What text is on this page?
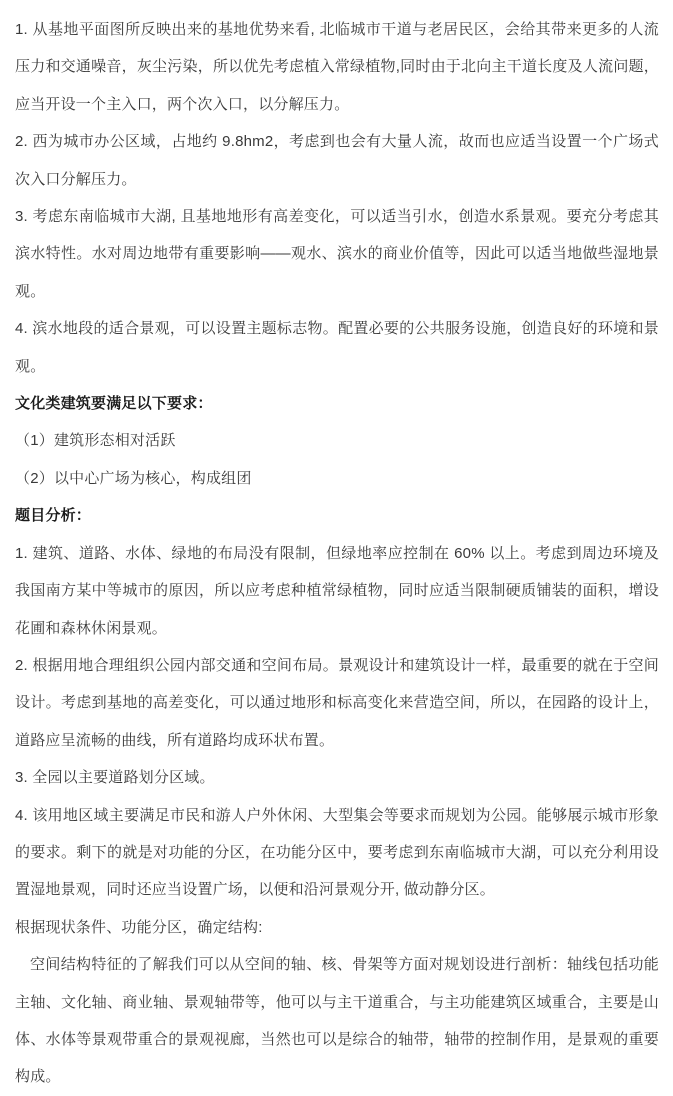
1. 从基地平面图所反映出来的基地优势来看, 北临城市干道与老居民区，会给其带来更多的人流压力和交通噪音，灰尘污染，所以优先考虑植入常绿植物,同时由于北向主干道长度及人流问题，应当开设一个主入口，两个次入口，以分解压力。

2. 西为城市办公区域，占地约 9.8hm2，考虑到也会有大量人流，故而也应适当设置一个广场式次入口分解压力。

3. 考虑东南临城市大湖, 且基地地形有高差变化，可以适当引水，创造水系景观。要充分考虑其滨水特性。水对周边地带有重要影响——观水、滨水的商业价值等，因此可以适当地做些湿地景观。

4. 滨水地段的适合景观，可以设置主题标志物。配置必要的公共服务设施，创造良好的环境和景观。

文化类建筑要满足以下要求：

（1）建筑形态相对活跃

（2）以中心广场为核心，构成组团

题目分析：

1. 建筑、道路、水体、绿地的布局没有限制，但绿地率应控制在 60% 以上。考虑到周边环境及我国南方某中等城市的原因，所以应考虑种植常绿植物，同时应适当限制硬质铺装的面积，增设花圃和森林休闲景观。

2. 根据用地合理组织公园内部交通和空间布局。景观设计和建筑设计一样，最重要的就在于空间设计。考虑到基地的高差变化，可以通过地形和标高变化来营造空间，所以，在园路的设计上，道路应呈流畅的曲线，所有道路均成环状布置。

3. 全园以主要道路划分区域。

4. 该用地区域主要满足市民和游人户外休闲、大型集会等要求而规划为公园。能够展示城市形象的要求。剩下的就是对功能的分区，在功能分区中，要考虑到东南临城市大湖，可以充分利用设置湿地景观，同时还应当设置广场，以便和沿河景观分开, 做动静分区。

根据现状条件、功能分区，确定结构:

空间结构特征的了解我们可以从空间的轴、核、骨架等方面对规划设进行剖析：轴线包括功能主轴、文化轴、商业轴、景观轴带等，他可以与主干道重合，与主功能建筑区域重合，主要是山体、水体等景观带重合的景观视廊，当然也可以是综合的轴带，轴带的控制作用，是景观的重要构成。
